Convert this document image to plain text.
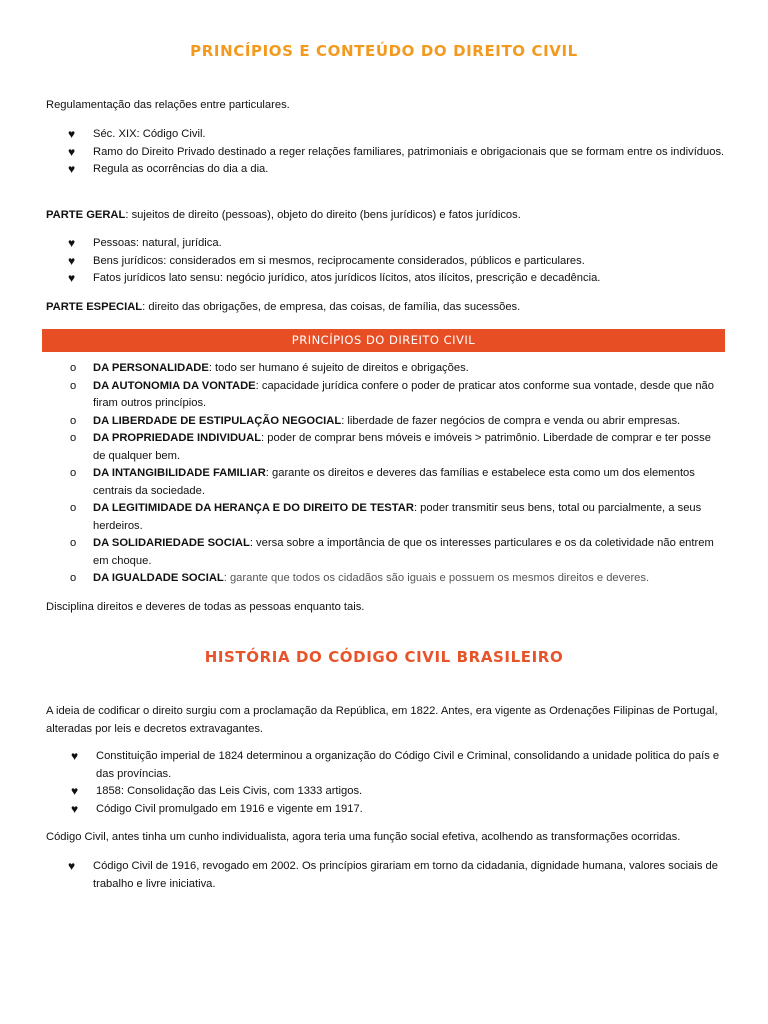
PRINCÍPIOS E CONTEÚDO DO DIREITO CIVIL
Regulamentação das relações entre particulares.
♥ Séc. XIX: Código Civil.
♥ Ramo do Direito Privado destinado a reger relações familiares, patrimoniais e obrigacionais que se formam entre os indivíduos.
♥ Regula as ocorrências do dia a dia.
PARTE GERAL: sujeitos de direito (pessoas), objeto do direito (bens jurídicos) e fatos jurídicos.
♥ Pessoas: natural, jurídica.
♥ Bens jurídicos: considerados em si mesmos, reciprocamente considerados, públicos e particulares.
♥ Fatos jurídicos lato sensu: negócio jurídico, atos jurídicos lícitos, atos ilícitos, prescrição e decadência.
PARTE ESPECIAL: direito das obrigações, de empresa, das coisas, de família, das sucessões.
PRINCÍPIOS DO DIREITO CIVIL
o DA PERSONALIDADE: todo ser humano é sujeito de direitos e obrigações.
o DA AUTONOMIA DA VONTADE: capacidade jurídica confere o poder de praticar atos conforme sua vontade, desde que não firam outros princípios.
o DA LIBERDADE DE ESTIPULAÇÃO NEGOCIAL: liberdade de fazer negócios de compra e venda ou abrir empresas.
o DA PROPRIEDADE INDIVIDUAL: poder de comprar bens móveis e imóveis > patrimônio. Liberdade de comprar e ter posse de qualquer bem.
o DA INTANGIBILIDADE FAMILIAR: garante os direitos e deveres das famílias e estabelece esta como um dos elementos centrais da sociedade.
o DA LEGITIMIDADE DA HERANÇA E DO DIREITO DE TESTAR: poder transmitir seus bens, total ou parcialmente, a seus herdeiros.
o DA SOLIDARIEDADE SOCIAL: versa sobre a importância de que os interesses particulares e os da coletividade não entrem em choque.
o DA IGUALDADE SOCIAL: garante que todos os cidadãos são iguais e possuem os mesmos direitos e deveres.
Disciplina direitos e deveres de todas as pessoas enquanto tais.
HISTÓRIA DO CÓDIGO CIVIL BRASILEIRO
A ideia de codificar o direito surgiu com a proclamação da República, em 1822. Antes, era vigente as Ordenações Filipinas de Portugal, alteradas por leis e decretos extravagantes.
♥ Constituição imperial de 1824 determinou a organização do Código Civil e Criminal, consolidando a unidade politica do país e das províncias.
♥ 1858: Consolidação das Leis Civis, com 1333 artigos.
♥ Código Civil promulgado em 1916 e vigente em 1917.
Código Civil, antes tinha um cunho individualista, agora teria uma função social efetiva, acolhendo as transformações ocorridas.
♥ Código Civil de 1916, revogado em 2002. Os princípios girariam em torno da cidadania, dignidade humana, valores sociais de trabalho e livre iniciativa.
